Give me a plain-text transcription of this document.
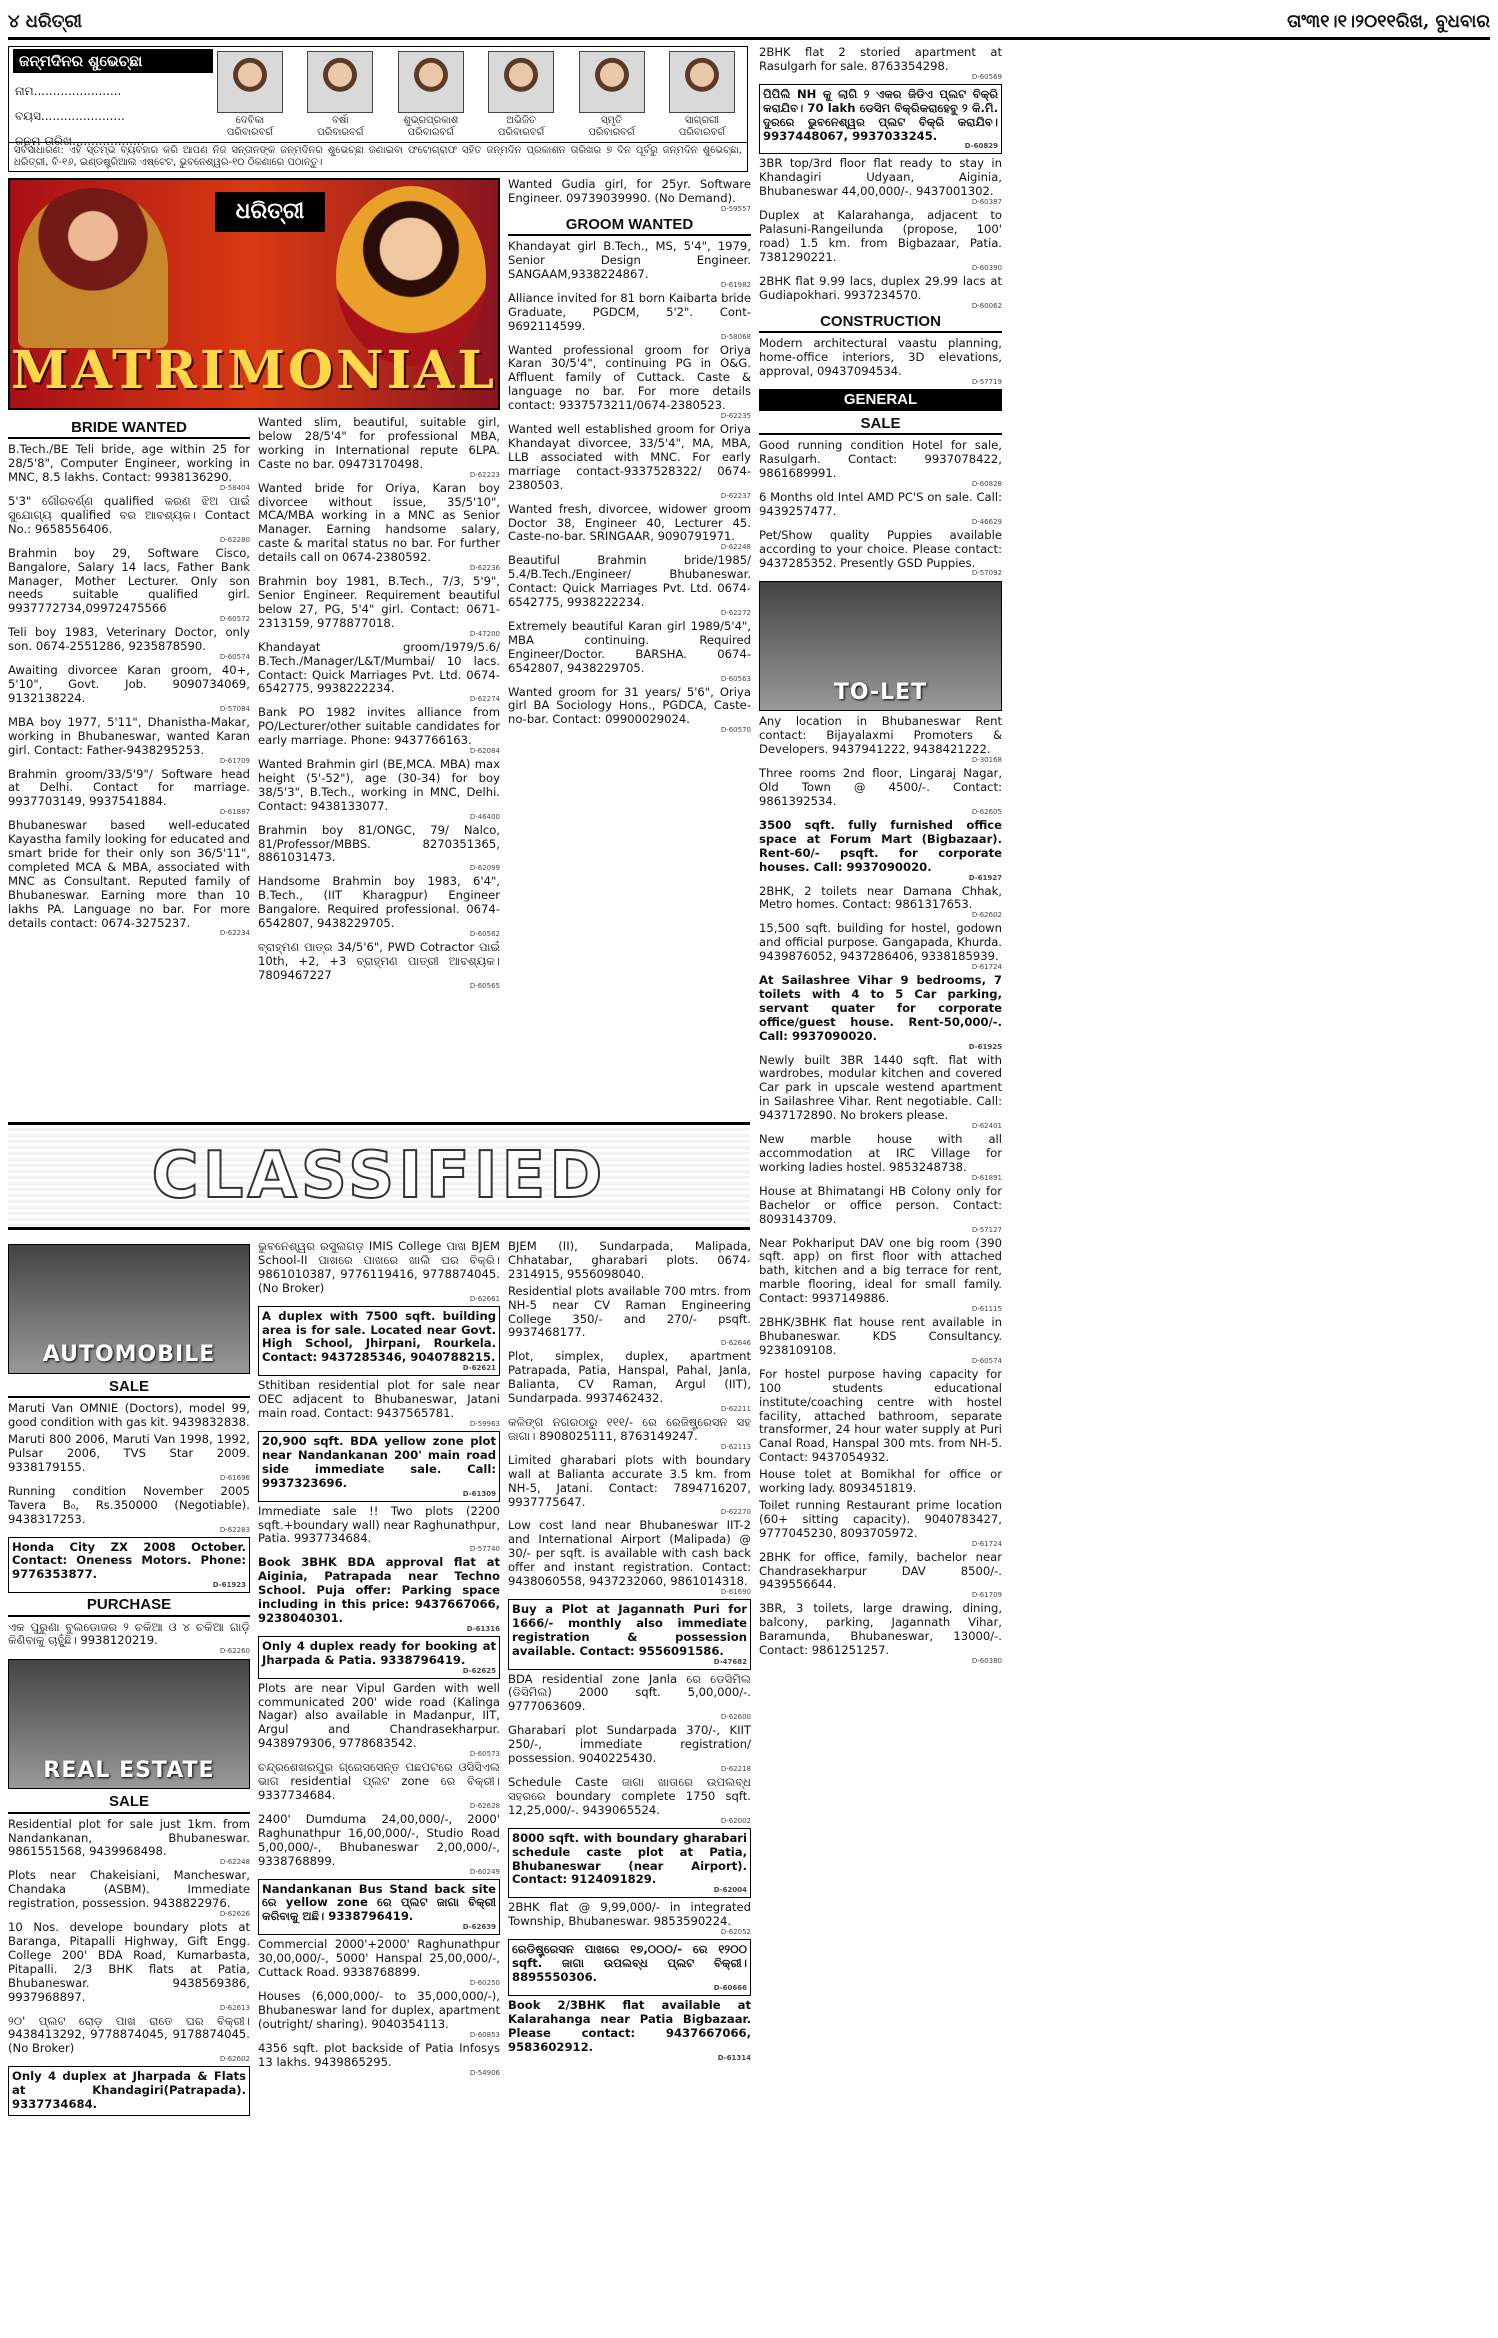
୪ ଧରିତ୍ରୀ	ତାଂ୩୧।୧।୨୦୧୧ରିଖ, ବୁଧବାର
ଜନ୍ମଦିନର ଶୁଭେଚ୍ଛା
ନାମ.......................
ବୟସ......................
ଜନ୍ମ ତାରିଖ...................
ଦେବିକା
ପରିବାରବର୍ଗ
ବର୍ଷା
ପରିବାରବର୍ଗ
ଶୁଭ୍ରପ୍ରକାଶ
ପରିବାରବର୍ଗ
ଅଭିଜିତ
ପରିବାରବର୍ଗ
ସ୍ମୃତି
ପରିବାରବର୍ଗ
ସାଗ୍ରଗୀ
ପରିବାରବର୍ଗ
ସର୍ବସାଧାରଣ: ଏହି ସ୍ତମ୍ଭ ବ୍ୟବହାର କରି ଆପଣ ନିଜ ସନ୍ତାନଙ୍କ ଜନ୍ମଦିନର ଶୁଭେଚ୍ଛା ଜଣାଇବା ଫଟୋଗ୍ରାଫ ସହିତ ଜନ୍ମଦିନ ପ୍ରକାଶନ ତାରିଖର ୭ ଦିନ ପୂର୍ବରୁ ଜନ୍ମଦିନ ଶୁଭେଚ୍ଛା, ଧରିତ୍ରୀ, ବି-୧୬, ଇଣ୍ଡଷ୍ଟ୍ରିଆଲ ଏଷ୍ଟେଟ, ଭୁବନେଶ୍ୱର-୧୦ ଠିକଣାରେ ପଠାନ୍ତୁ।
ଧରିତ୍ରୀ
MATRIMONIAL
BRIDE WANTED
B.Tech./BE Teli bride, age within 25 for 28/5'8", Computer Engineer, working in MNC, 8.5 lakhs. Contact: 9938136290.
D-58404
5'3" ଗୌରବର୍ଣ୍ଣ qualified କରଣ ଝିଅ ପାଇଁ ସୁଯୋଗ୍ୟ qualified ବର ଆବଶ୍ୟକ। Contact No.: 9658556406.
D-62280
Brahmin boy 29, Software Cisco, Bangalore, Salary 14 lacs, Father Bank Manager, Mother Lecturer. Only son needs suitable qualified girl. 9937772734,09972475566
D-60572
Teli boy 1983, Veterinary Doctor, only son. 0674-2551286, 9235878590.
D-60574
Awaiting divorcee Karan groom, 40+, 5'10", Govt. Job. 9090734069, 9132138224.
D-57084
MBA boy 1977, 5'11", Dhanistha-Makar, working in Bhubaneswar, wanted Karan girl. Contact: Father-9438295253.
D-61709
Brahmin groom/33/5'9"/ Software head at Delhi. Contact for marriage. 9937703149, 9937541884.
D-61887
Bhubaneswar based well-educated Kayastha family looking for educated and smart bride for their only son 36/5'11", completed MCA & MBA, associated with MNC as Consultant. Reputed family of Bhubaneswar. Earning more than 10 lakhs PA. Language no bar. For more details contact: 0674-3275237.
D-62234
Wanted slim, beautiful, suitable girl, below 28/5'4" for professional MBA, working in International repute 6LPA. Caste no bar. 09473170498.
D-62223
Wanted bride for Oriya, Karan boy divorcee without issue, 35/5'10", MCA/MBA working in a MNC as Senior Manager. Earning handsome salary, caste & marital status no bar. For further details call on 0674-2380592.
D-62236
Brahmin boy 1981, B.Tech., 7/3, 5'9", Senior Engineer. Requirement beautiful below 27, PG, 5'4" girl. Contact: 0671-2313159, 9778877018.
D-47200
Khandayat groom/1979/5.6/ B.Tech./Manager/L&T/Mumbai/ 10 lacs. Contact: Quick Marriages Pvt. Ltd. 0674-6542775, 9938222234.
D-62274
Bank PO 1982 invites alliance from PO/Lecturer/other suitable candidates for early marriage. Phone: 9437766163.
D-62084
Wanted Brahmin girl (BE,MCA. MBA) max height (5'-52"), age (30-34) for boy 38/5'3", B.Tech., working in MNC, Delhi. Contact: 9438133077.
D-46400
Brahmin boy 81/ONGC, 79/ Nalco, 81/Professor/MBBS. 8270351365, 8861031473.
D-62099
Handsome Brahmin boy 1983, 6'4", B.Tech., (IIT Kharagpur) Engineer Bangalore. Required professional. 0674-6542807, 9438229705.
D-60562
ବ୍ରାହ୍ମଣ ପାତ୍ର 34/5'6", PWD Cotractor ପାଇଁ 10th, +2, +3 ବ୍ରାହ୍ମଣ ପାତ୍ରୀ ଆବଶ୍ୟକ। 7809467227
D-60565
Wanted Gudia girl, for 25yr. Software Engineer. 09739039990. (No Demand).
D-59557
GROOM WANTED
Khandayat girl B.Tech., MS, 5'4", 1979, Senior Design Engineer. SANGAAM,9338224867.
D-61982
Alliance invited for 81 born Kaibarta bride Graduate, PGDCM, 5'2". Cont-9692114599.
D-58068
Wanted professional groom for Oriya Karan 30/5'4", continuing PG in O&G. Affluent family of Cuttack. Caste & language no bar. For more details contact: 9337573211/0674-2380523.
D-62235
Wanted well established groom for Oriya Khandayat divorcee, 33/5'4", MA, MBA, LLB associated with MNC. For early marriage contact-9337528322/ 0674-2380503.
D-62237
Wanted fresh, divorcee, widower groom Doctor 38, Engineer 40, Lecturer 45. Caste-no-bar. SRINGAAR, 9090791971.
D-62248
Beautiful Brahmin bride/1985/ 5.4/B.Tech./Engineer/ Bhubaneswar. Contact: Quick Marriages Pvt. Ltd. 0674-6542775, 9938222234.
D-62272
Extremely beautiful Karan girl 1989/5'4", MBA continuing. Required Engineer/Doctor. BARSHA. 0674-6542807, 9438229705.
D-60563
Wanted groom for 31 years/ 5'6", Oriya girl BA Sociology Hons., PGDCA, Caste-no-bar. Contact: 09900029024.
D-60570
CLASSIFIED
AUTOMOBILE
SALE
Maruti Van OMNIE (Doctors), model 99, good condition with gas kit. 9439832838.
Maruti 800 2006, Maruti Van 1998, 1992, Pulsar 2006, TVS Star 2009. 9338179155.
D-61696
Running condition November 2005 Tavera B₀, Rs.350000 (Negotiable). 9438317253.
D-62283
Honda City ZX 2008 October. Contact: Oneness Motors. Phone: 9776353877.
D-61923
PURCHASE
ଏକ ପୁରୁଣା ବୁଲଡୋଜର ୨ ଚକିଆ ଓ ୪ ଚକିଆ ଗାଡ଼ି କିଣିବାକୁ ଚାହୁଁଛି। 9938120219.
D-62260
REAL ESTATE
SALE
Residential plot for sale just 1km. from Nandankanan, Bhubaneswar. 9861551568, 9439968498.
D-62248
Plots near Chakeisiani, Mancheswar, Chandaka (ASBM). Immediate registration, possession. 9438822976.
D-62626
10 Nos. develope boundary plots at Baranga, Pitapalli Highway, Gift Engg. College 200' BDA Road, Kumarbasta, Pitapalli. 2/3 BHK flats at Patia, Bhubaneswar. 9438569386, 9937968897.
D-62613
୨୦' ପ୍ଲଟ ରୋଡ଼ ପାଖ ରାତେ ଘର ବିକ୍ରୀ। 9438413292, 9778874045, 9178874045. (No Broker)
D-62602
Only 4 duplex at Jharpada & Flats at Khandagiri(Patrapada). 9337734684.
ଭୁବନେଶ୍ୱର ରସୁଲଗଡ଼ IMIS College ପାଖ BJEM School-II ପାଖରେ ପାଖରେ ଖାଲି ଘର ବିକ୍ରି। 9861010387, 9776119416, 9778874045. (No Broker)
D-62661
A duplex with 7500 sqft. building area is for sale. Located near Govt. High School, Jhirpani, Rourkela. Contact: 9437285346, 9040788215.
D-62621
Sthitiban residential plot for sale near OEC adjacent to Bhubaneswar, Jatani main road. Contact: 9437565781.
D-59963
20,900 sqft. BDA yellow zone plot near Nandankanan 200' main road side immediate sale. Call: 9937323696.
D-61309
Immediate sale !! Two plots (2200 sqft.+boundary wall) near Raghunathpur, Patia. 9937734684.
D-57740
Book 3BHK BDA approval flat at Aiginia, Patrapada near Techno School. Puja offer: Parking space including in this price: 9437667066, 9238040301.
D-61316
Only 4 duplex ready for booking at Jharpada & Patia. 9338796419.
D-62625
Plots are near Vipul Garden with well communicated 200' wide road (Kalinga Nagar) also available in Madanpur, IIT, Argul and Chandrasekharpur. 9438979306, 9778683542.
D-60573
ଚନ୍ଦ୍ରଶେଖରପୁର ଗ୍ରେସସେନ୍ତ ପଛପଟରେ ଓସିସିଏଲ ଭାଗ residential ପ୍ଲଟ zone ରେ ବିକ୍ରୀ। 9337734684.
D-62628
2400' Dumduma 24,00,000/-, 2000' Raghunathpur 16,00,000/-, Studio Road 5,00,000/-, Bhubaneswar 2,00,000/-, 9338768899.
D-60249
Nandankanan Bus Stand back site ରେ yellow zone ରେ ପ୍ଲଟ ଜାଗା ବିକ୍ରୀ କରିବାକୁ ଅଛି। 9338796419.
D-62639
Commercial 2000'+2000' Raghunathpur 30,00,000/-, 5000' Hanspal 25,00,000/-, Cuttack Road. 9338768899.
D-60250
Houses (6,000,000/- to 35,000,000/-), Bhubaneswar land for duplex, apartment (outright/ sharing). 9040354113.
D-60853
4356 sqft. plot backside of Patia Infosys 13 lakhs. 9439865295.
D-54906
BJEM (II), Sundarpada, Malipada, Chhatabar, gharabari plots. 0674-2314915, 9556098040.
Residential plots available 700 mtrs. from NH-5 near CV Raman Engineering College 350/- and 270/- psqft. 9937468177.
D-62646
Plot, simplex, duplex, apartment Patrapada, Patia, Hanspal, Pahal, Janla, Balianta, CV Raman, Argul (IIT), Sundarpada. 9937462432.
D-62211
କଳିଙ୍ଗ ନଗରଠାରୁ ୧୧୧/- ରେ ରେଜିଷ୍ଟ୍ରେସନ ସହ ଜାଗା। 8908025111, 8763149247.
D-62113
Limited gharabari plots with boundary wall at Balianta accurate 3.5 km. from NH-5, Jatani. Contact: 7894716207, 9937775647.
D-62270
Low cost land near Bhubaneswar IIT-2 and International Airport (Malipada) @ 30/- per sqft. is available with cash back offer and instant registration. Contact: 9438060558, 9437232060, 9861014318.
D-61690
Buy a Plot at Jagannath Puri for 1666/- monthly also immediate registration & possession available. Contact: 9556091586.
D-47682
BDA residential zone Janla ରେ ଡେସିମିଲ (ଡିସିମିଲ) 2000 sqft. 5,00,000/-. 9777063609.
D-62600
Gharabari plot Sundarpada 370/-, KIIT 250/-, immediate registration/ possession. 9040225430.
D-62218
Schedule Caste ଜାଗା ଖାତାରେ ଉପଲବ୍ଧ ସହରରେ boundary complete 1750 sqft. 12,25,000/-. 9439065524.
D-62002
8000 sqft. with boundary gharabari schedule caste plot at Patia, Bhubaneswar (near Airport). Contact: 9124091829.
D-62004
2BHK flat @ 9,99,000/- in integrated Township, Bhubaneswar. 9853590224.
D-62052
ରେଡିଷ୍ଟ୍ରେସନ ପାଖରେ ୧୭,୦୦୦/- ରେ ୧୨୦୦ sqft. ଜାଗା ଉପଲବ୍ଧ ପ୍ଲଟ ବିକ୍ରୀ। 8895550306.
D-60666
Book 2/3BHK flat available at Kalarahanga near Patia Bigbazaar. Please contact: 9437667066, 9583602912.
D-61314
2BHK flat 2 storied apartment at Rasulgarh for sale. 8763354298.
D-60569
ପିପିଲି NH କୁ ଲାଗି ୨ ଏକର ଜିଡିଏ ପ୍ଲଟ ବିକ୍ରି କରାଯିବ। 70 lakh ଡେସିମ ବିକ୍ରିକରାହେବୁ ୨ କି.ମି. ଦୁରରେ ଭୁବନେଶ୍ୱର ପ୍ଲଟ ବିକ୍ରି କରାଯିବ। 9937448067, 9937033245.
D-60829
3BR top/3rd floor flat ready to stay in Khandagiri Udyaan, Aiginia, Bhubaneswar 44,00,000/-. 9437001302.
D-60387
Duplex at Kalarahanga, adjacent to Palasuni-Rangeilunda (propose, 100' road) 1.5 km. from Bigbazaar, Patia. 7381290221.
D-60390
2BHK flat 9.99 lacs, duplex 29.99 lacs at Gudiapokhari. 9937234570.
D-60062
CONSTRUCTION
Modern architectural vaastu planning, home-office interiors, 3D elevations, approval, 09437094534.
D-57719
GENERAL
SALE
Good running condition Hotel for sale, Rasulgarh. Contact: 9937078422, 9861689991.
D-60828
6 Months old Intel AMD PC'S on sale. Call: 9439257477.
D-46629
Pet/Show quality Puppies available according to your choice. Please contact: 9437285352. Presently GSD Puppies.
D-57092
TO-LET
Any location in Bhubaneswar Rent contact: Bijayalaxmi Promoters & Developers. 9437941222, 9438421222.
D-30168
Three rooms 2nd floor, Lingaraj Nagar, Old Town @ 4500/-. Contact: 9861392534.
D-62605
3500 sqft. fully furnished office space at Forum Mart (Bigbazaar). Rent-60/- psqft. for corporate houses. Call: 9937090020.
D-61927
2BHK, 2 toilets near Damana Chhak, Metro homes. Contact: 9861317653.
D-62602
15,500 sqft. building for hostel, godown and official purpose. Gangapada, Khurda. 9439876052, 9437286406, 9338185939.
D-61724
At Sailashree Vihar 9 bedrooms, 7 toilets with 4 to 5 Car parking, servant quater for corporate office/guest house. Rent-50,000/-. Call: 9937090020.
D-61925
Newly built 3BR 1440 sqft. flat with wardrobes, modular kitchen and covered Car park in upscale westend apartment in Sailashree Vihar. Rent negotiable. Call: 9437172890. No brokers please.
D-62401
New marble house with all accommodation at IRC Village for working ladies hostel. 9853248738.
D-61891
House at Bhimatangi HB Colony only for Bachelor or office person. Contact: 8093143709.
D-57127
Near Pokhariput DAV one big room (390 sqft. app) on first floor with attached bath, kitchen and a big terrace for rent, marble flooring, ideal for small family. Contact: 9937149886.
D-61115
2BHK/3BHK flat house rent available in Bhubaneswar. KDS Consultancy. 9238109108.
D-60574
For hostel purpose having capacity for 100 students educational institute/coaching centre with hostel facility, attached bathroom, separate transformer, 24 hour water supply at Puri Canal Road, Hanspal 300 mts. from NH-5. Contact: 9437054932.
House tolet at Bomikhal for office or working lady. 8093451819.
Toilet running Restaurant prime location (60+ sitting capacity). 9040783427, 9777045230, 8093705972.
D-61724
2BHK for office, family, bachelor near Chandrasekharpur DAV 8500/-. 9439556644.
D-61709
3BR, 3 toilets, large drawing, dining, balcony, parking, Jagannath Vihar, Baramunda, Bhubaneswar, 13000/-. Contact: 9861251257.
D-60380
